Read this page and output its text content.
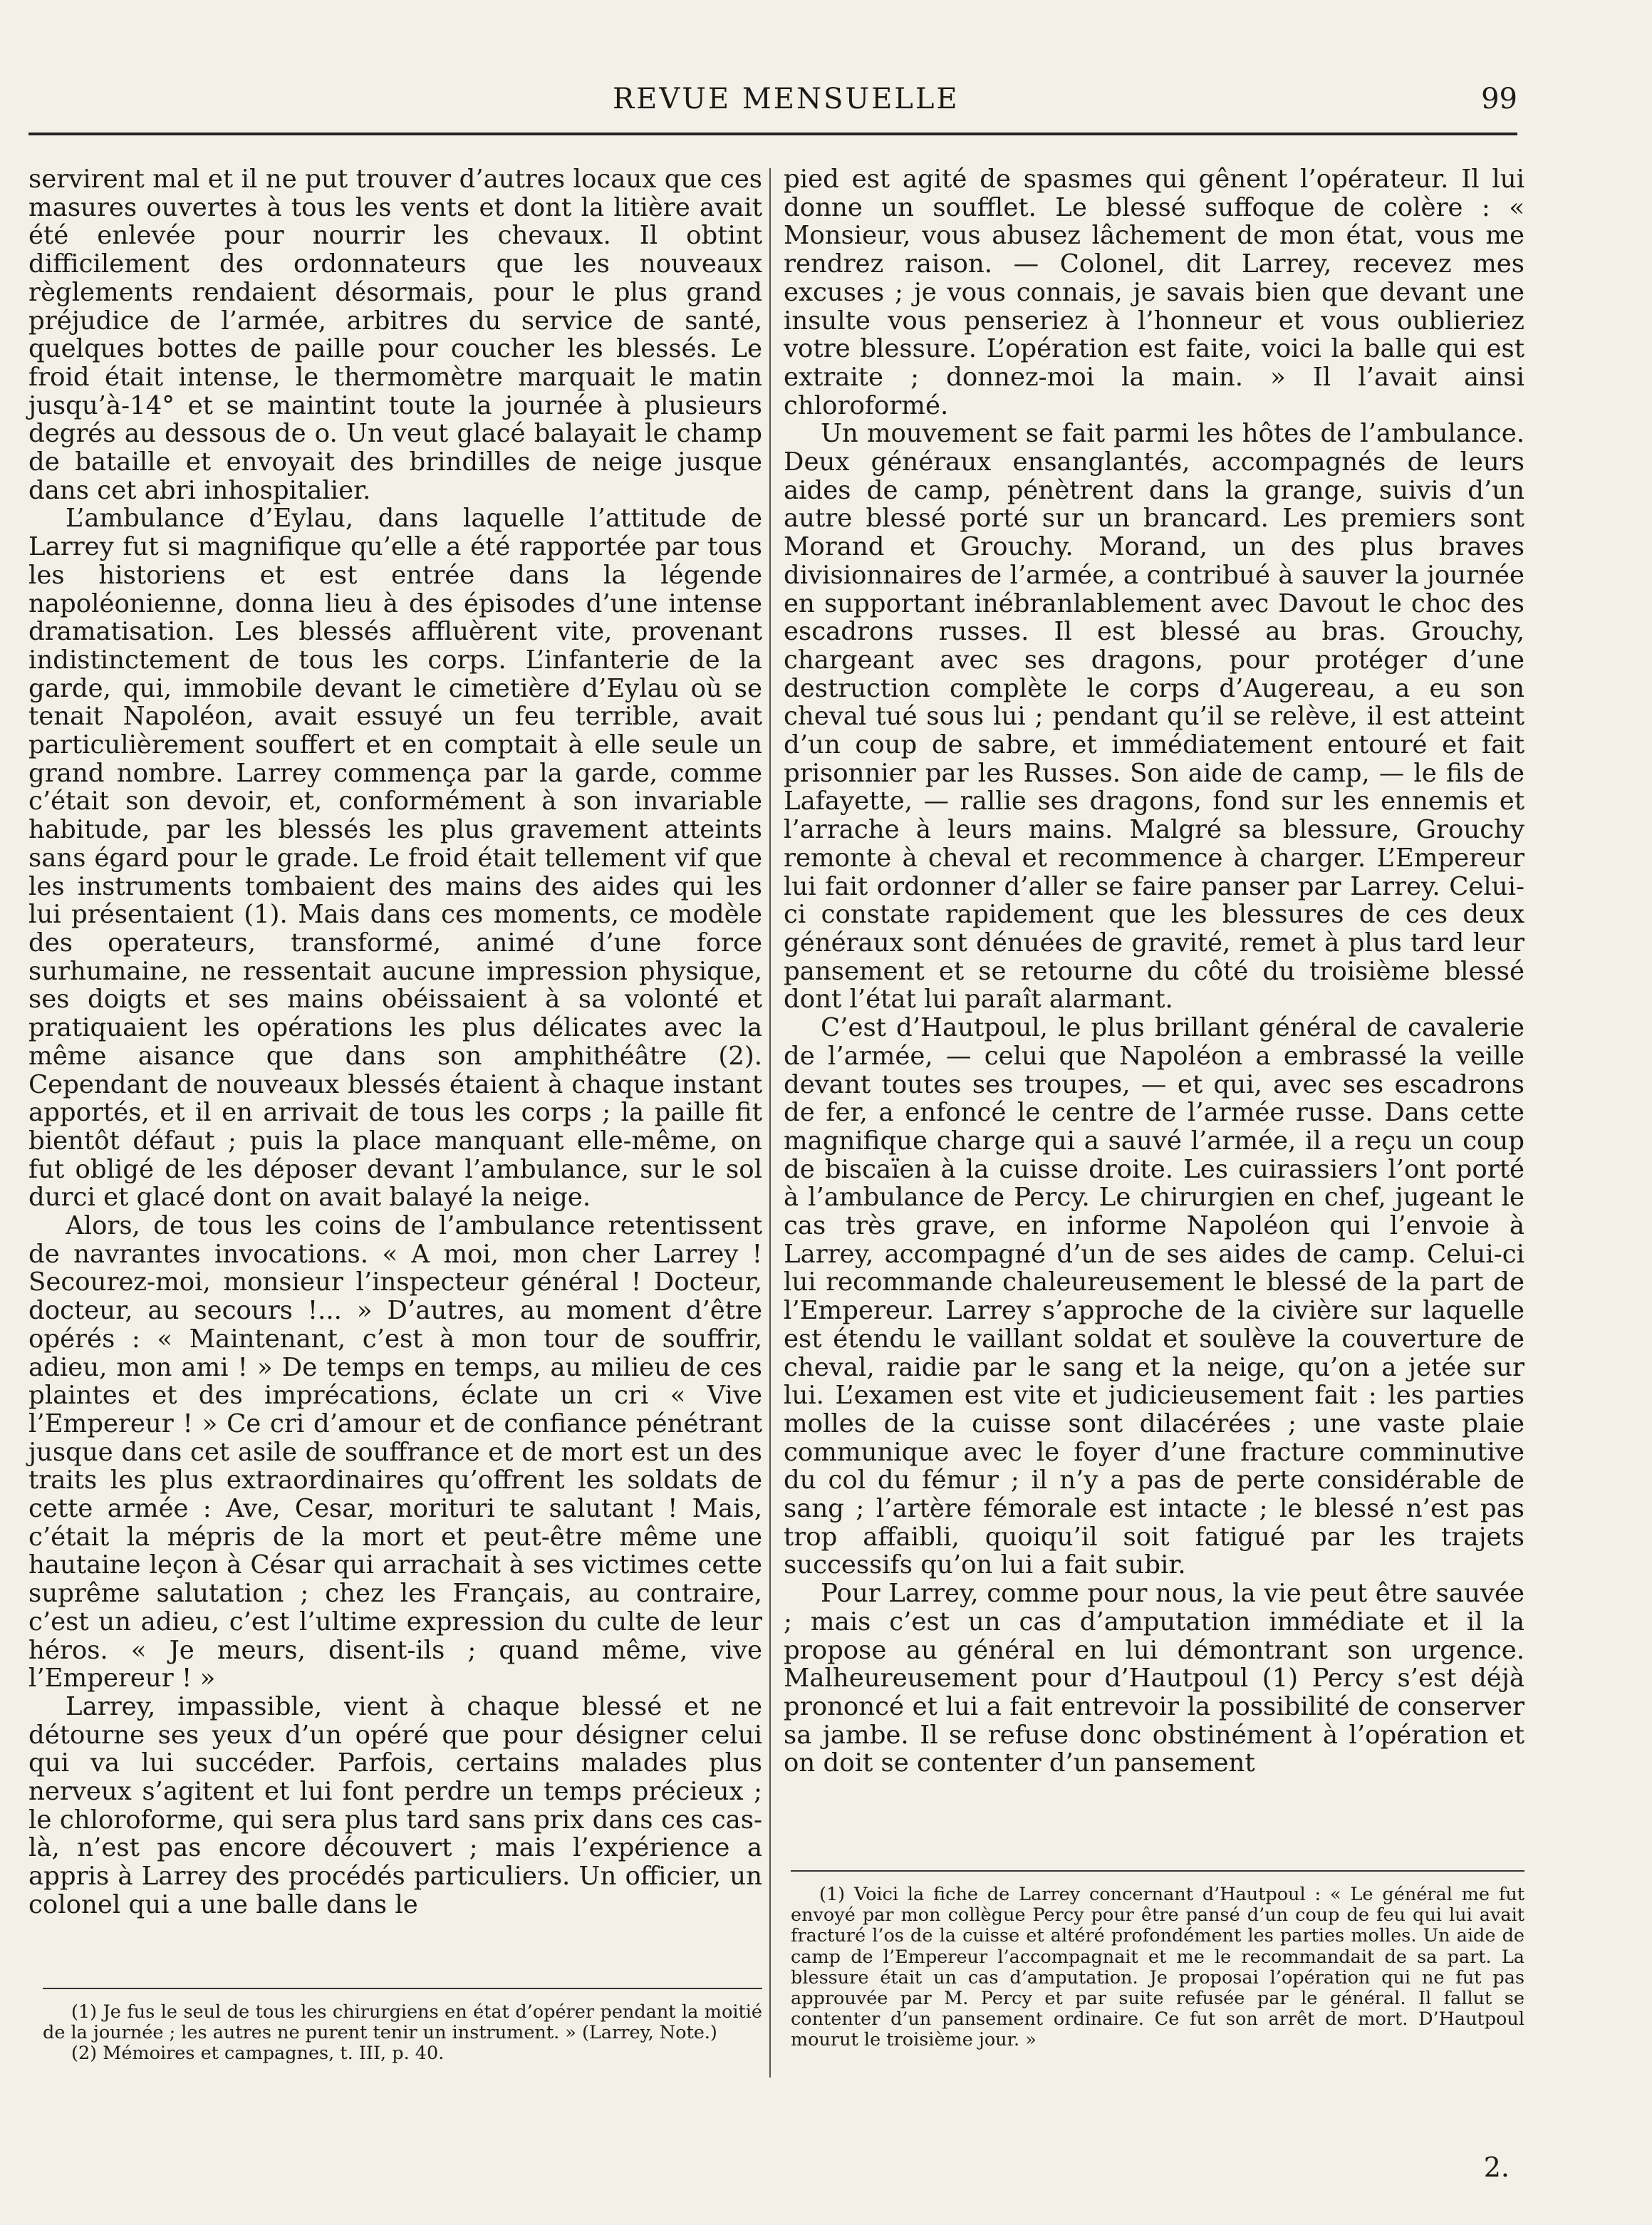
REVUE MENSUELLE	99

servirent mal et il ne put trouver d’autres locaux que ces masures ouvertes à tous les vents et dont la litière avait été enlevée pour nourrir les chevaux. Il obtint difficilement des ordonnateurs que les nouveaux règlements rendaient désormais, pour le plus grand préjudice de l’armée, arbitres du service de santé, quelques bottes de paille pour coucher les blessés. Le froid était intense, le thermomètre marquait le matin jusqu’à-14° et se maintint toute la journée à plusieurs degrés au dessous de o. Un veut glacé balayait le champ de bataille et envoyait des brindilles de neige jusque dans cet abri inhospitalier.

L’ambulance d’Eylau, dans laquelle l’attitude de Larrey fut si magnifique qu’elle a été rapportée par tous les historiens et est entrée dans la légende napoléonienne, donna lieu à des épisodes d’une intense dramatisation. Les blessés affluèrent vite, provenant indistinctement de tous les corps. L’infanterie de la garde, qui, immobile devant le cimetière d’Eylau où se tenait Napoléon, avait essuyé un feu terrible, avait particulièrement souffert et en comptait à elle seule un grand nombre. Larrey commença par la garde, comme c’était son devoir, et, conformément à son invariable habitude, par les blessés les plus gravement atteints sans égard pour le grade. Le froid était tellement vif que les instruments tombaient des mains des aides qui les lui présentaient (1). Mais dans ces moments, ce modèle des operateurs, transformé, animé d’une force surhumaine, ne ressentait aucune impression physique, ses doigts et ses mains obéissaient à sa volonté et pratiquaient les opérations les plus délicates avec la même aisance que dans son amphithéâtre (2). Cependant de nouveaux blessés étaient à chaque instant apportés, et il en arrivait de tous les corps ; la paille fit bientôt défaut ; puis la place manquant elle-même, on fut obligé de les déposer devant l’ambulance, sur le sol durci et glacé dont on avait balayé la neige.

Alors, de tous les coins de l’ambulance retentissent de navrantes invocations. « A moi, mon cher Larrey ! Secourez-moi, monsieur l’inspecteur général ! Docteur, docteur, au secours !... » D’autres, au moment d’être opérés : « Maintenant, c’est à mon tour de souffrir, adieu, mon ami ! » De temps en temps, au milieu de ces plaintes et des imprécations, éclate un cri « Vive l’Empereur ! » Ce cri d’amour et de confiance pénétrant jusque dans cet asile de souffrance et de mort est un des traits les plus extraordinaires qu’offrent les soldats de cette armée : Ave, Cesar, morituri te salutant ! Mais, c’était la mépris de la mort et peut-être même une hautaine leçon à César qui arrachait à ses victimes cette suprême salutation ; chez les Français, au contraire, c’est un adieu, c’est l’ultime expression du culte de leur héros. « Je meurs, disent-ils ; quand même, vive l’Empereur ! »

Larrey, impassible, vient à chaque blessé et ne détourne ses yeux d’un opéré que pour désigner celui qui va lui succéder. Parfois, certains malades plus nerveux s’agitent et lui font perdre un temps précieux ; le chloroforme, qui sera plus tard sans prix dans ces cas-là, n’est pas encore découvert ; mais l’expérience a appris à Larrey des procédés particuliers. Un officier, un colonel qui a une balle dans le

pied est agité de spasmes qui gênent l’opérateur. Il lui donne un soufflet. Le blessé suffoque de colère : « Monsieur, vous abusez lâchement de mon état, vous me rendrez raison. — Colonel, dit Larrey, recevez mes excuses ; je vous connais, je savais bien que devant une insulte vous penseriez à l’honneur et vous oublieriez votre blessure. L’opération est faite, voici la balle qui est extraite ; donnez-moi la main. » Il l’avait ainsi chloroformé.

Un mouvement se fait parmi les hôtes de l’ambulance. Deux généraux ensanglantés, accompagnés de leurs aides de camp, pénètrent dans la grange, suivis d’un autre blessé porté sur un brancard. Les premiers sont Morand et Grouchy. Morand, un des plus braves divisionnaires de l’armée, a contribué à sauver la journée en supportant inébranlablement avec Davout le choc des escadrons russes. Il est blessé au bras. Grouchy, chargeant avec ses dragons, pour protéger d’une destruction complète le corps d’Augereau, a eu son cheval tué sous lui ; pendant qu’il se relève, il est atteint d’un coup de sabre, et immédiatement entouré et fait prisonnier par les Russes. Son aide de camp, — le fils de Lafayette, — rallie ses dragons, fond sur les ennemis et l’arrache à leurs mains. Malgré sa blessure, Grouchy remonte à cheval et recommence à charger. L’Empereur lui fait ordonner d’aller se faire panser par Larrey. Celui-ci constate rapidement que les blessures de ces deux généraux sont dénuées de gravité, remet à plus tard leur pansement et se retourne du côté du troisième blessé dont l’état lui paraît alarmant.

C’est d’Hautpoul, le plus brillant général de cavalerie de l’armée, — celui que Napoléon a embrassé la veille devant toutes ses troupes, — et qui, avec ses escadrons de fer, a enfoncé le centre de l’armée russe. Dans cette magnifique charge qui a sauvé l’armée, il a reçu un coup de biscaïen à la cuisse droite. Les cuirassiers l’ont porté à l’ambulance de Percy. Le chirurgien en chef, jugeant le cas très grave, en informe Napoléon qui l’envoie à Larrey, accompagné d’un de ses aides de camp. Celui-ci lui recommande chaleureusement le blessé de la part de l’Empereur. Larrey s’approche de la civière sur laquelle est étendu le vaillant soldat et soulève la couverture de cheval, raidie par le sang et la neige, qu’on a jetée sur lui. L’examen est vite et judicieusement fait : les parties molles de la cuisse sont dilacérées ; une vaste plaie communique avec le foyer d’une fracture comminutive du col du fémur ; il n’y a pas de perte considérable de sang ; l’artère fémorale est intacte ; le blessé n’est pas trop affaibli, quoiqu’il soit fatigué par les trajets successifs qu’on lui a fait subir.

Pour Larrey, comme pour nous, la vie peut être sauvée ; mais c’est un cas d’amputation immédiate et il la propose au général en lui démontrant son urgence. Malheureusement pour d’Hautpoul (1) Percy s’est déjà prononcé et lui a fait entrevoir la possibilité de conserver sa jambe. Il se refuse donc obstinément à l’opération et on doit se contenter d’un pansement

(1) Je fus le seul de tous les chirurgiens en état d’opérer pendant la moitié de la journée ; les autres ne purent tenir un instrument. » (Larrey, Note.)

(2) Mémoires et campagnes, t. III, p. 40.

(1) Voici la fiche de Larrey concernant d’Hautpoul : « Le général me fut envoyé par mon collègue Percy pour être pansé d’un coup de feu qui lui avait fracturé l’os de la cuisse et altéré profondément les parties molles. Un aide de camp de l’Empereur l’accompagnait et me le recommandait de sa part. La blessure était un cas d’amputation. Je proposai l’opération qui ne fut pas approuvée par M. Percy et par suite refusée par le général. Il fallut se contenter d’un pansement ordinaire. Ce fut son arrêt de mort. D’Hautpoul mourut le troisième jour. »

2.
